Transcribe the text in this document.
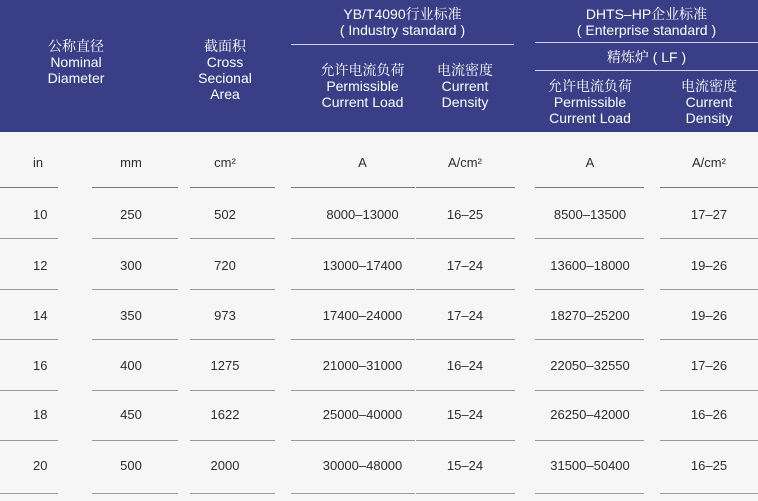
公称直径
Nominal
Diameter
截面积
Cross
Secional
Area
YB/T4090行业标准
( Industry standard )
允许电流负荷
Permissible
Current Load
电流密度
Current
Density
DHTS–HP企业标准
( Enterprise standard )
精炼炉 ( LF )
允许电流负荷
Permissible
Current Load
电流密度
Current
Density
in	mm	cm²	A	A/cm²	A	A/cm²
10	250	502	8000–13000	16–25	8500–13500	17–27
12	300	720	13000–17400	17–24	13600–18000	19–26
14	350	973	17400–24000	17–24	18270–25200	19–26
16	400	1275	21000–31000	16–24	22050–32550	17–26
18	450	1622	25000–40000	15–24	26250–42000	16–26
20	500	2000	30000–48000	15–24	31500–50400	16–25
